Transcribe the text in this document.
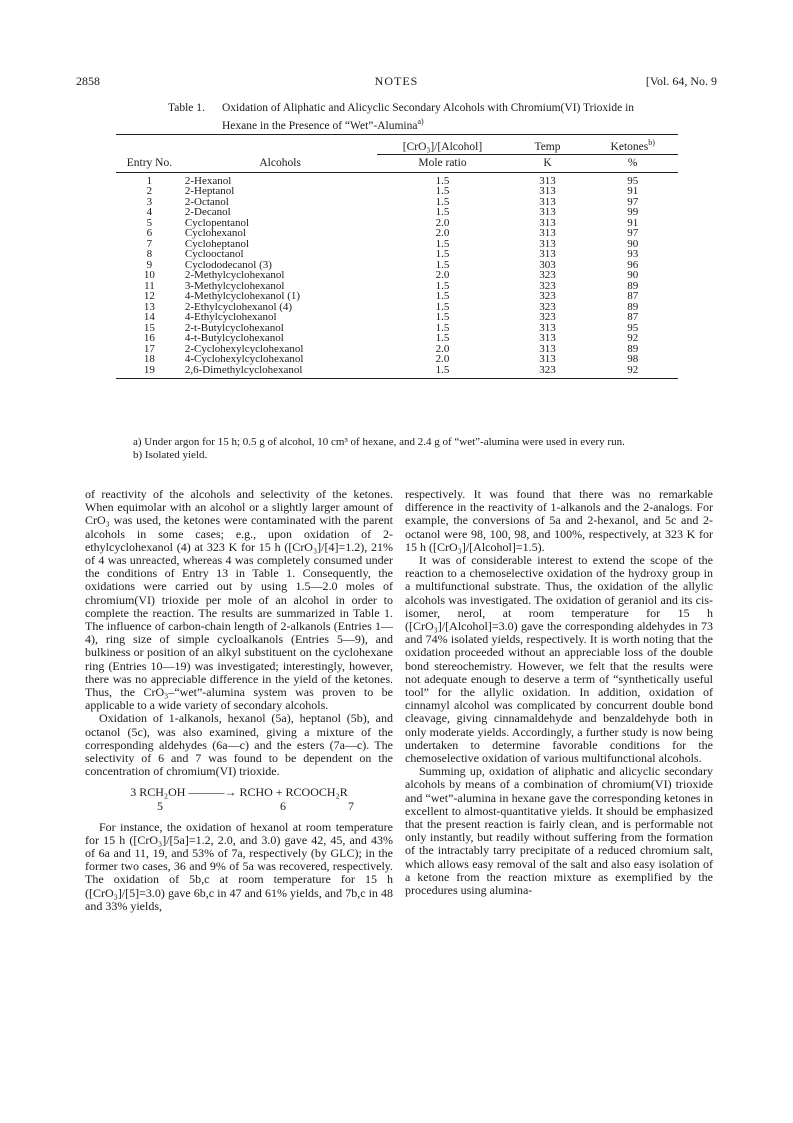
2858	NOTES	[Vol. 64, No. 9
Table 1. Oxidation of Aliphatic and Alicyclic Secondary Alcohols with Chromium(VI) Trioxide in Hexane in the Presence of “Wet”-Alumina$^{a)}$
Entry No.	Alcohols	[CrO₃]/[Alcohol]	Temp	Ketones$^{b)}$
		Mole ratio	K	%
1	2-Hexanol	1.5	313	95
2	2-Heptanol	1.5	313	91
3	2-Octanol	1.5	313	97
4	2-Decanol	1.5	313	99
5	Cyclopentanol	2.0	313	91
6	Cyclohexanol	2.0	313	97
7	Cycloheptanol	1.5	313	90
8	Cyclooctanol	1.5	313	93
9	Cyclododecanol (3)	1.5	303	96
10	2-Methylcyclohexanol	2.0	323	90
11	3-Methylcyclohexanol	1.5	323	89
12	4-Methylcyclohexanol (1)	1.5	323	87
13	2-Ethylcyclohexanol (4)	1.5	323	89
14	4-Ethylcyclohexanol	1.5	323	87
15	2-t-Butylcyclohexanol	1.5	313	95
16	4-t-Butylcyclohexanol	1.5	313	92
17	2-Cyclohexylcyclohexanol	2.0	313	89
18	4-Cyclohexylcyclohexanol	2.0	313	98
19	2,6-Dimethylcyclohexanol	1.5	323	92
a) Under argon for 15 h; 0.5 g of alcohol, 10 cm³ of hexane, and 2.4 g of “wet”-alumina were used in every run.
b) Isolated yield.

of reactivity of the alcohols and selectivity of the ketones. When equimolar with an alcohol or a slightly larger amount of CrO₃ was used, the ketones were contaminated with the parent alcohols in some cases; e.g., upon oxidation of 2-ethylcyclohexanol (4) at 323 K for 15 h ([CrO₃]/[4]=1.2), 21% of 4 was unreacted, whereas 4 was completely consumed under the conditions of Entry 13 in Table 1. Consequently, the oxidations were carried out by using 1.5—2.0 moles of chromium(VI) trioxide per mole of an alcohol in order to complete the reaction. The results are summarized in Table 1. The influence of carbon-chain length of 2-alkanols (Entries 1—4), ring size of simple cycloalkanols (Entries 5—9), and bulkiness or position of an alkyl substituent on the cyclohexane ring (Entries 10—19) was investigated; interestingly, however, there was no appreciable difference in the yield of the ketones. Thus, the CrO₃–“wet”-alumina system was proven to be applicable to a wide variety of secondary alcohols.

Oxidation of 1-alkanols, hexanol (5a), heptanol (5b), and octanol (5c), was also examined, giving a mixture of the corresponding aldehydes (6a—c) and the esters (7a—c). The selectivity of 6 and 7 was found to be dependent on the concentration of chromium(VI) trioxide.

3 RCH₂OH ———→ RCHO + RCOOCH₂R
5	6	7

For instance, the oxidation of hexanol at room temperature for 15 h ([CrO₃]/[5a]=1.2, 2.0, and 3.0) gave 42, 45, and 43% of 6a and 11, 19, and 53% of 7a, respectively (by GLC); in the former two cases, 36 and 9% of 5a was recovered, respectively. The oxidation of 5b,c at room temperature for 15 h ([CrO₃]/[5]=3.0) gave 6b,c in 47 and 61% yields, and 7b,c in 48 and 33% yields,

respectively. It was found that there was no remarkable difference in the reactivity of 1-alkanols and the 2-analogs. For example, the conversions of 5a and 2-hexanol, and 5c and 2-octanol were 98, 100, 98, and 100%, respectively, at 323 K for 15 h ([CrO₃]/[Alcohol]=1.5).

It was of considerable interest to extend the scope of the reaction to a chemoselective oxidation of the hydroxy group in a multifunctional substrate. Thus, the oxidation of the allylic alcohols was investigated. The oxidation of geraniol and its cis-isomer, nerol, at room temperature for 15 h ([CrO₃]/[Alcohol]=3.0) gave the corresponding aldehydes in 73 and 74% isolated yields, respectively. It is worth noting that the oxidation proceeded without an appreciable loss of the double bond stereochemistry. However, we felt that the results were not adequate enough to deserve a term of “synthetically useful tool” for the allylic oxidation. In addition, oxidation of cinnamyl alcohol was complicated by concurrent double bond cleavage, giving cinnamaldehyde and benzaldehyde both in only moderate yields. Accordingly, a further study is now being undertaken to determine favorable conditions for the chemoselective oxidation of various multifunctional alcohols.

Summing up, oxidation of aliphatic and alicyclic secondary alcohols by means of a combination of chromium(VI) trioxide and “wet”-alumina in hexane gave the corresponding ketones in excellent to almost-quantitative yields. It should be emphasized that the present reaction is fairly clean, and is performable not only instantly, but readily without suffering from the formation of the intractably tarry precipitate of a reduced chromium salt, which allows easy removal of the salt and also easy isolation of a ketone from the reaction mixture as exemplified by the procedures using alumina-
